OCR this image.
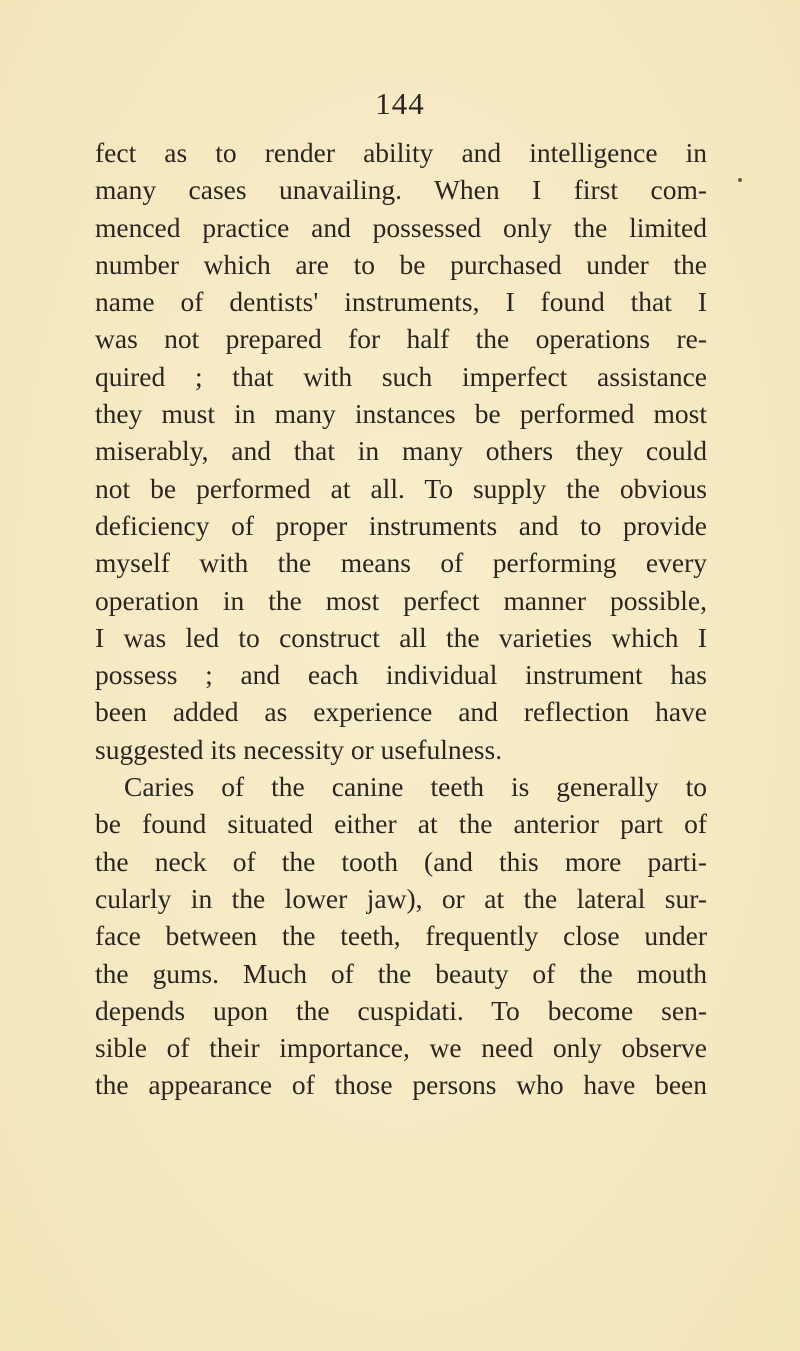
144
fect as to render ability and intelligence in
many cases unavailing. When I first com-
menced practice and possessed only the limited
number which are to be purchased under the
name of dentists' instruments, I found that I
was not prepared for half the operations re-
quired ; that with such imperfect assistance
they must in many instances be performed most
miserably, and that in many others they could
not be performed at all. To supply the obvious
deficiency of proper instruments and to provide
myself with the means of performing every
operation in the most perfect manner possible,
I was led to construct all the varieties which I
possess ; and each individual instrument has
been added as experience and reflection have
suggested its necessity or usefulness.
Caries of the canine teeth is generally to
be found situated either at the anterior part of
the neck of the tooth (and this more parti-
cularly in the lower jaw), or at the lateral sur-
face between the teeth, frequently close under
the gums. Much of the beauty of the mouth
depends upon the cuspidati. To become sen-
sible of their importance, we need only observe
the appearance of those persons who have been
